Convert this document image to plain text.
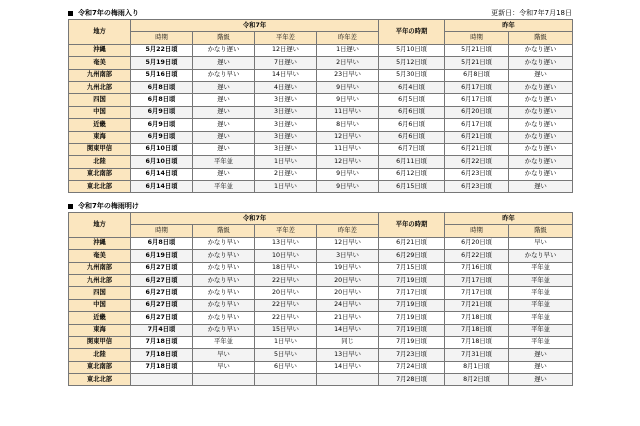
令和7年の梅雨入り	更新日：令和7年7月18日
地方	令和7年				平年の時期	昨年	
	時期	階級	平年差	昨年差		時期	階級
沖縄	5月22日頃	かなり遅い	12日遅い	1日遅い	5月10日頃	5月21日頃	かなり遅い
奄美	5月19日頃	遅い	7日遅い	2日早い	5月12日頃	5月21日頃	かなり遅い
九州南部	5月16日頃	かなり早い	14日早い	23日早い	5月30日頃	6月8日頃	遅い
九州北部	6月8日頃	遅い	4日遅い	9日早い	6月4日頃	6月17日頃	かなり遅い
四国	6月8日頃	遅い	3日遅い	9日早い	6月5日頃	6月17日頃	かなり遅い
中国	6月9日頃	遅い	3日遅い	11日早い	6月6日頃	6月20日頃	かなり遅い
近畿	6月9日頃	遅い	3日遅い	8日早い	6月6日頃	6月17日頃	かなり遅い
東海	6月9日頃	遅い	3日遅い	12日早い	6月6日頃	6月21日頃	かなり遅い
関東甲信	6月10日頃	遅い	3日遅い	11日早い	6月7日頃	6月21日頃	かなり遅い
北陸	6月10日頃	平年並	1日早い	12日早い	6月11日頃	6月22日頃	かなり遅い
東北南部	6月14日頃	遅い	2日遅い	9日早い	6月12日頃	6月23日頃	かなり遅い
東北北部	6月14日頃	平年並	1日早い	9日早い	6月15日頃	6月23日頃	遅い
令和7年の梅雨明け
地方	令和7年				平年の時期	昨年	
	時期	階級	平年差	昨年差		時期	階級
沖縄	6月8日頃	かなり早い	13日早い	12日早い	6月21日頃	6月20日頃	早い
奄美	6月19日頃	かなり早い	10日早い	3日早い	6月29日頃	6月22日頃	かなり早い
九州南部	6月27日頃	かなり早い	18日早い	19日早い	7月15日頃	7月16日頃	平年並
九州北部	6月27日頃	かなり早い	22日早い	20日早い	7月19日頃	7月17日頃	平年並
四国	6月27日頃	かなり早い	20日早い	20日早い	7月17日頃	7月17日頃	平年並
中国	6月27日頃	かなり早い	22日早い	24日早い	7月19日頃	7月21日頃	平年並
近畿	6月27日頃	かなり早い	22日早い	21日早い	7月19日頃	7月18日頃	平年並
東海	7月4日頃	かなり早い	15日早い	14日早い	7月19日頃	7月18日頃	平年並
関東甲信	7月18日頃	平年並	1日早い	同じ	7月19日頃	7月18日頃	平年並
北陸	7月18日頃	早い	5日早い	13日早い	7月23日頃	7月31日頃	遅い
東北南部	7月18日頃	早い	6日早い	14日早い	7月24日頃	8月1日頃	遅い
東北北部					7月28日頃	8月2日頃	遅い
